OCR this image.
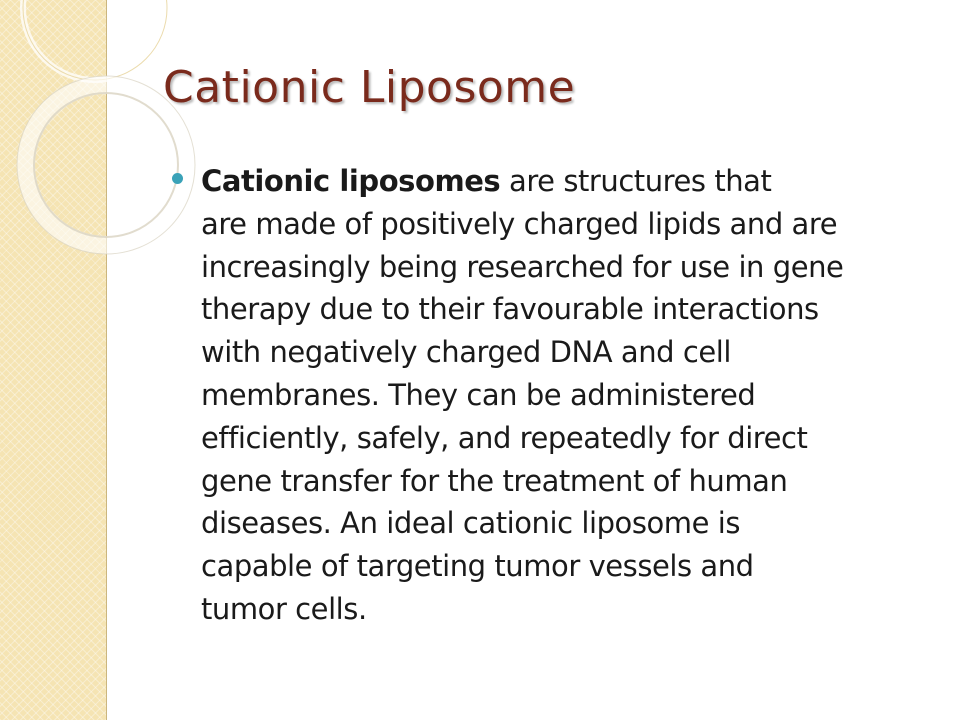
Cationic Liposome

Cationic liposomes are structures that
are made of positively charged lipids and are
increasingly being researched for use in gene
therapy due to their favourable interactions
with negatively charged DNA and cell
membranes. They can be administered
efficiently, safely, and repeatedly for direct
gene transfer for the treatment of human
diseases. An ideal cationic liposome is
capable of targeting tumor vessels and
tumor cells.
